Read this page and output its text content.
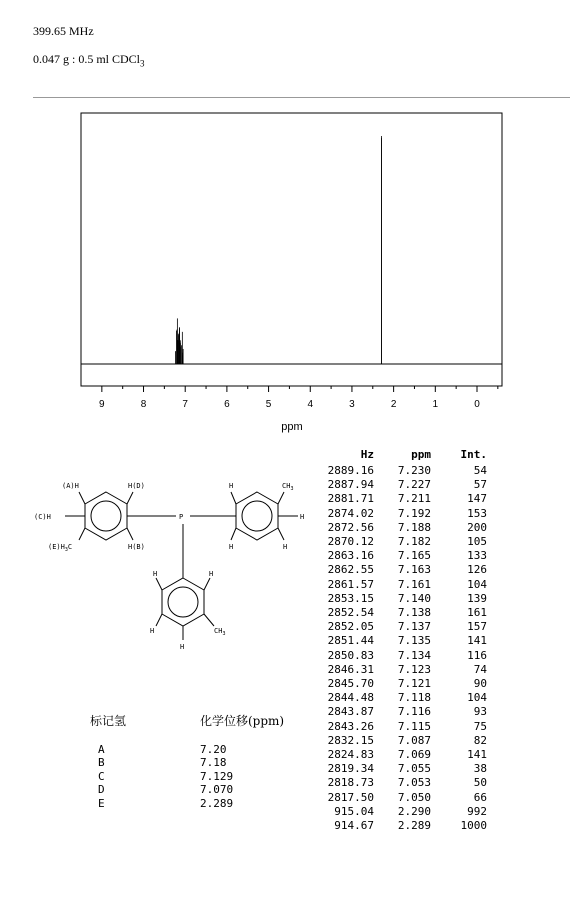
399.65 MHz
0.047 g : 0.5 ml CDCl$_3$
9	8	7	6	5	4	3	2	1	0
ppm
P
(A)H	H(D)
(C)H
$(E)H_3C$	H(B)
H	$CH_3$
H
H	H
H	H
H	$CH_3$
H
标记氢	化学位移(ppm)
A	7.20
B	7.18
C	7.129
D	7.070
E	2.289
Hz	ppm	Int.
2889.16	7.230	54
2887.94	7.227	57
2881.71	7.211	147
2874.02	7.192	153
2872.56	7.188	200
2870.12	7.182	105
2863.16	7.165	133
2862.55	7.163	126
2861.57	7.161	104
2853.15	7.140	139
2852.54	7.138	161
2852.05	7.137	157
2851.44	7.135	141
2850.83	7.134	116
2846.31	7.123	74
2845.70	7.121	90
2844.48	7.118	104
2843.87	7.116	93
2843.26	7.115	75
2832.15	7.087	82
2824.83	7.069	141
2819.34	7.055	38
2818.73	7.053	50
2817.50	7.050	66
915.04	2.290	992
914.67	2.289	1000
